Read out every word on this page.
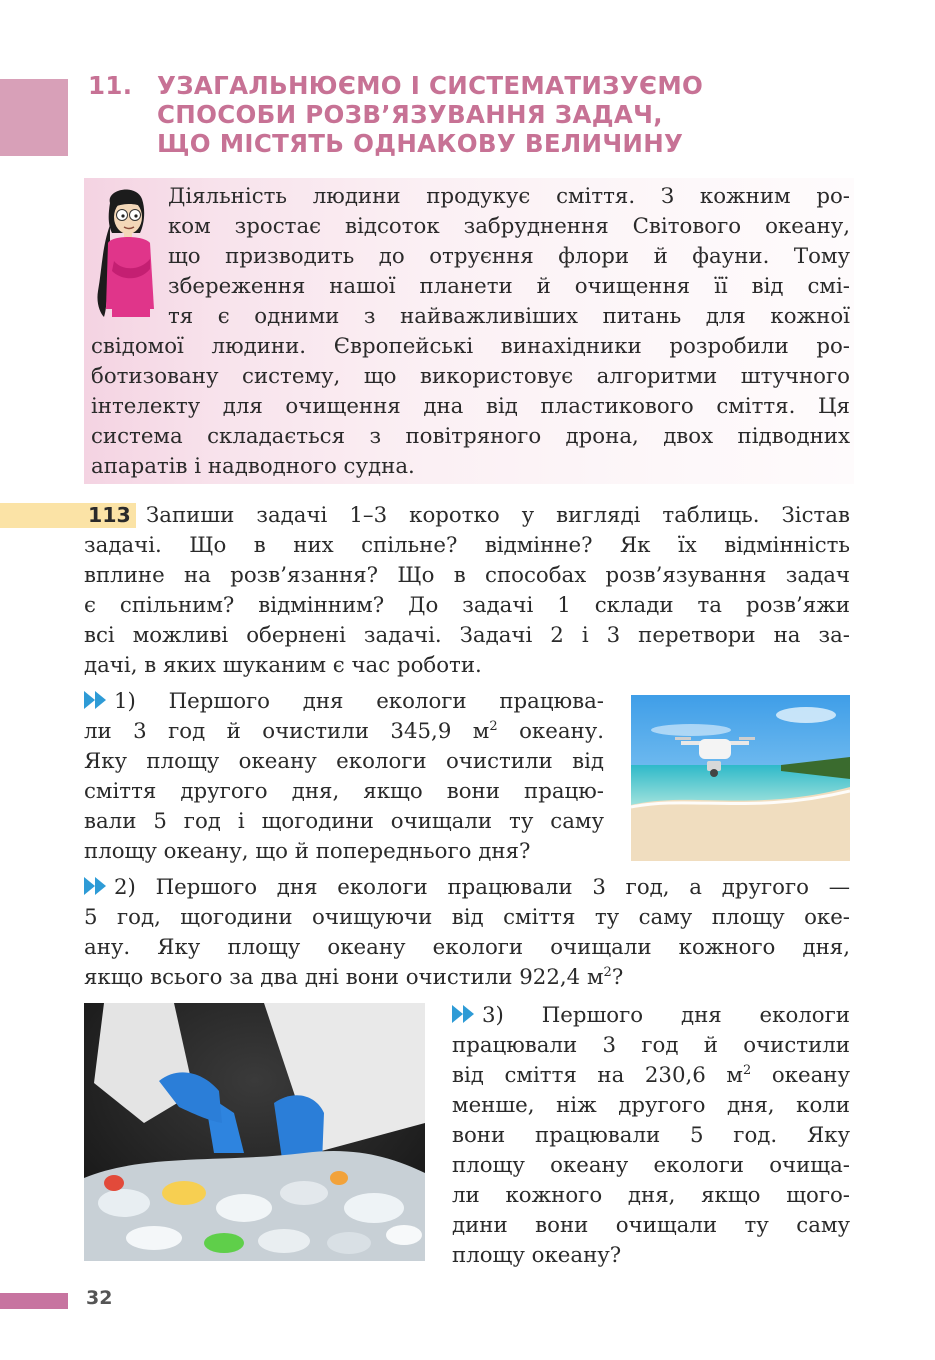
11. УЗАГАЛЬНЮЄМО І СИСТЕМАТИЗУЄМО
СПОСОБИ РОЗВ’ЯЗУВАННЯ ЗАДАЧ,
ЩО МІСТЯТЬ ОДНАКОВУ ВЕЛИЧИНУ
Діяльність людини продукує сміття. З кожним ро-
ком зростає відсоток забруднення Світового океану,
що призводить до отруєння флори й фауни. Тому
збереження нашої планети й очищення її від смі-
тя є одними з найважливіших питань для кожної
свідомої людини. Європейські винахідники розробили ро-
ботизовану систему, що використовує алгоритми штучного
інтелекту для очищення дна від пластикового сміття. Ця
система складається з повітряного дрона, двох підводних
апаратів і надводного судна.
113 Запиши задачі 1–3 коротко у вигляді таблиць. Зістав
задачі. Що в них спільне? відмінне? Як їх відмінність
вплине на розв’язання? Що в способах розв’язування задач
є спільним? відмінним? До задачі 1 склади та розв’яжи
всі можливі обернені задачі. Задачі 2 і 3 перетвори на за-
дачі, в яких шуканим є час роботи.
1) Першого дня екологи працюва-
ли 3 год й очистили 345,9 $м^2$ океану.
Яку площу океану екологи очистили від
сміття другого дня, якщо вони працю-
вали 5 год і щогодини очищали ту саму
площу океану, що й попереднього дня?
2) Першого дня екологи працювали 3 год, а другого —
5 год, щогодини очищуючи від сміття ту саму площу оке-
ану. Яку площу океану екологи очищали кожного дня,
якщо всього за два дні вони очистили 922,4 $м^2$?
3) Першого дня екологи
працювали 3 год й очистили
від сміття на 230,6 $м^2$ океану
менше, ніж другого дня, коли
вони працювали 5 год. Яку
площу океану екологи очища-
ли кожного дня, якщо щого-
дини вони очищали ту саму
площу океану?
32
